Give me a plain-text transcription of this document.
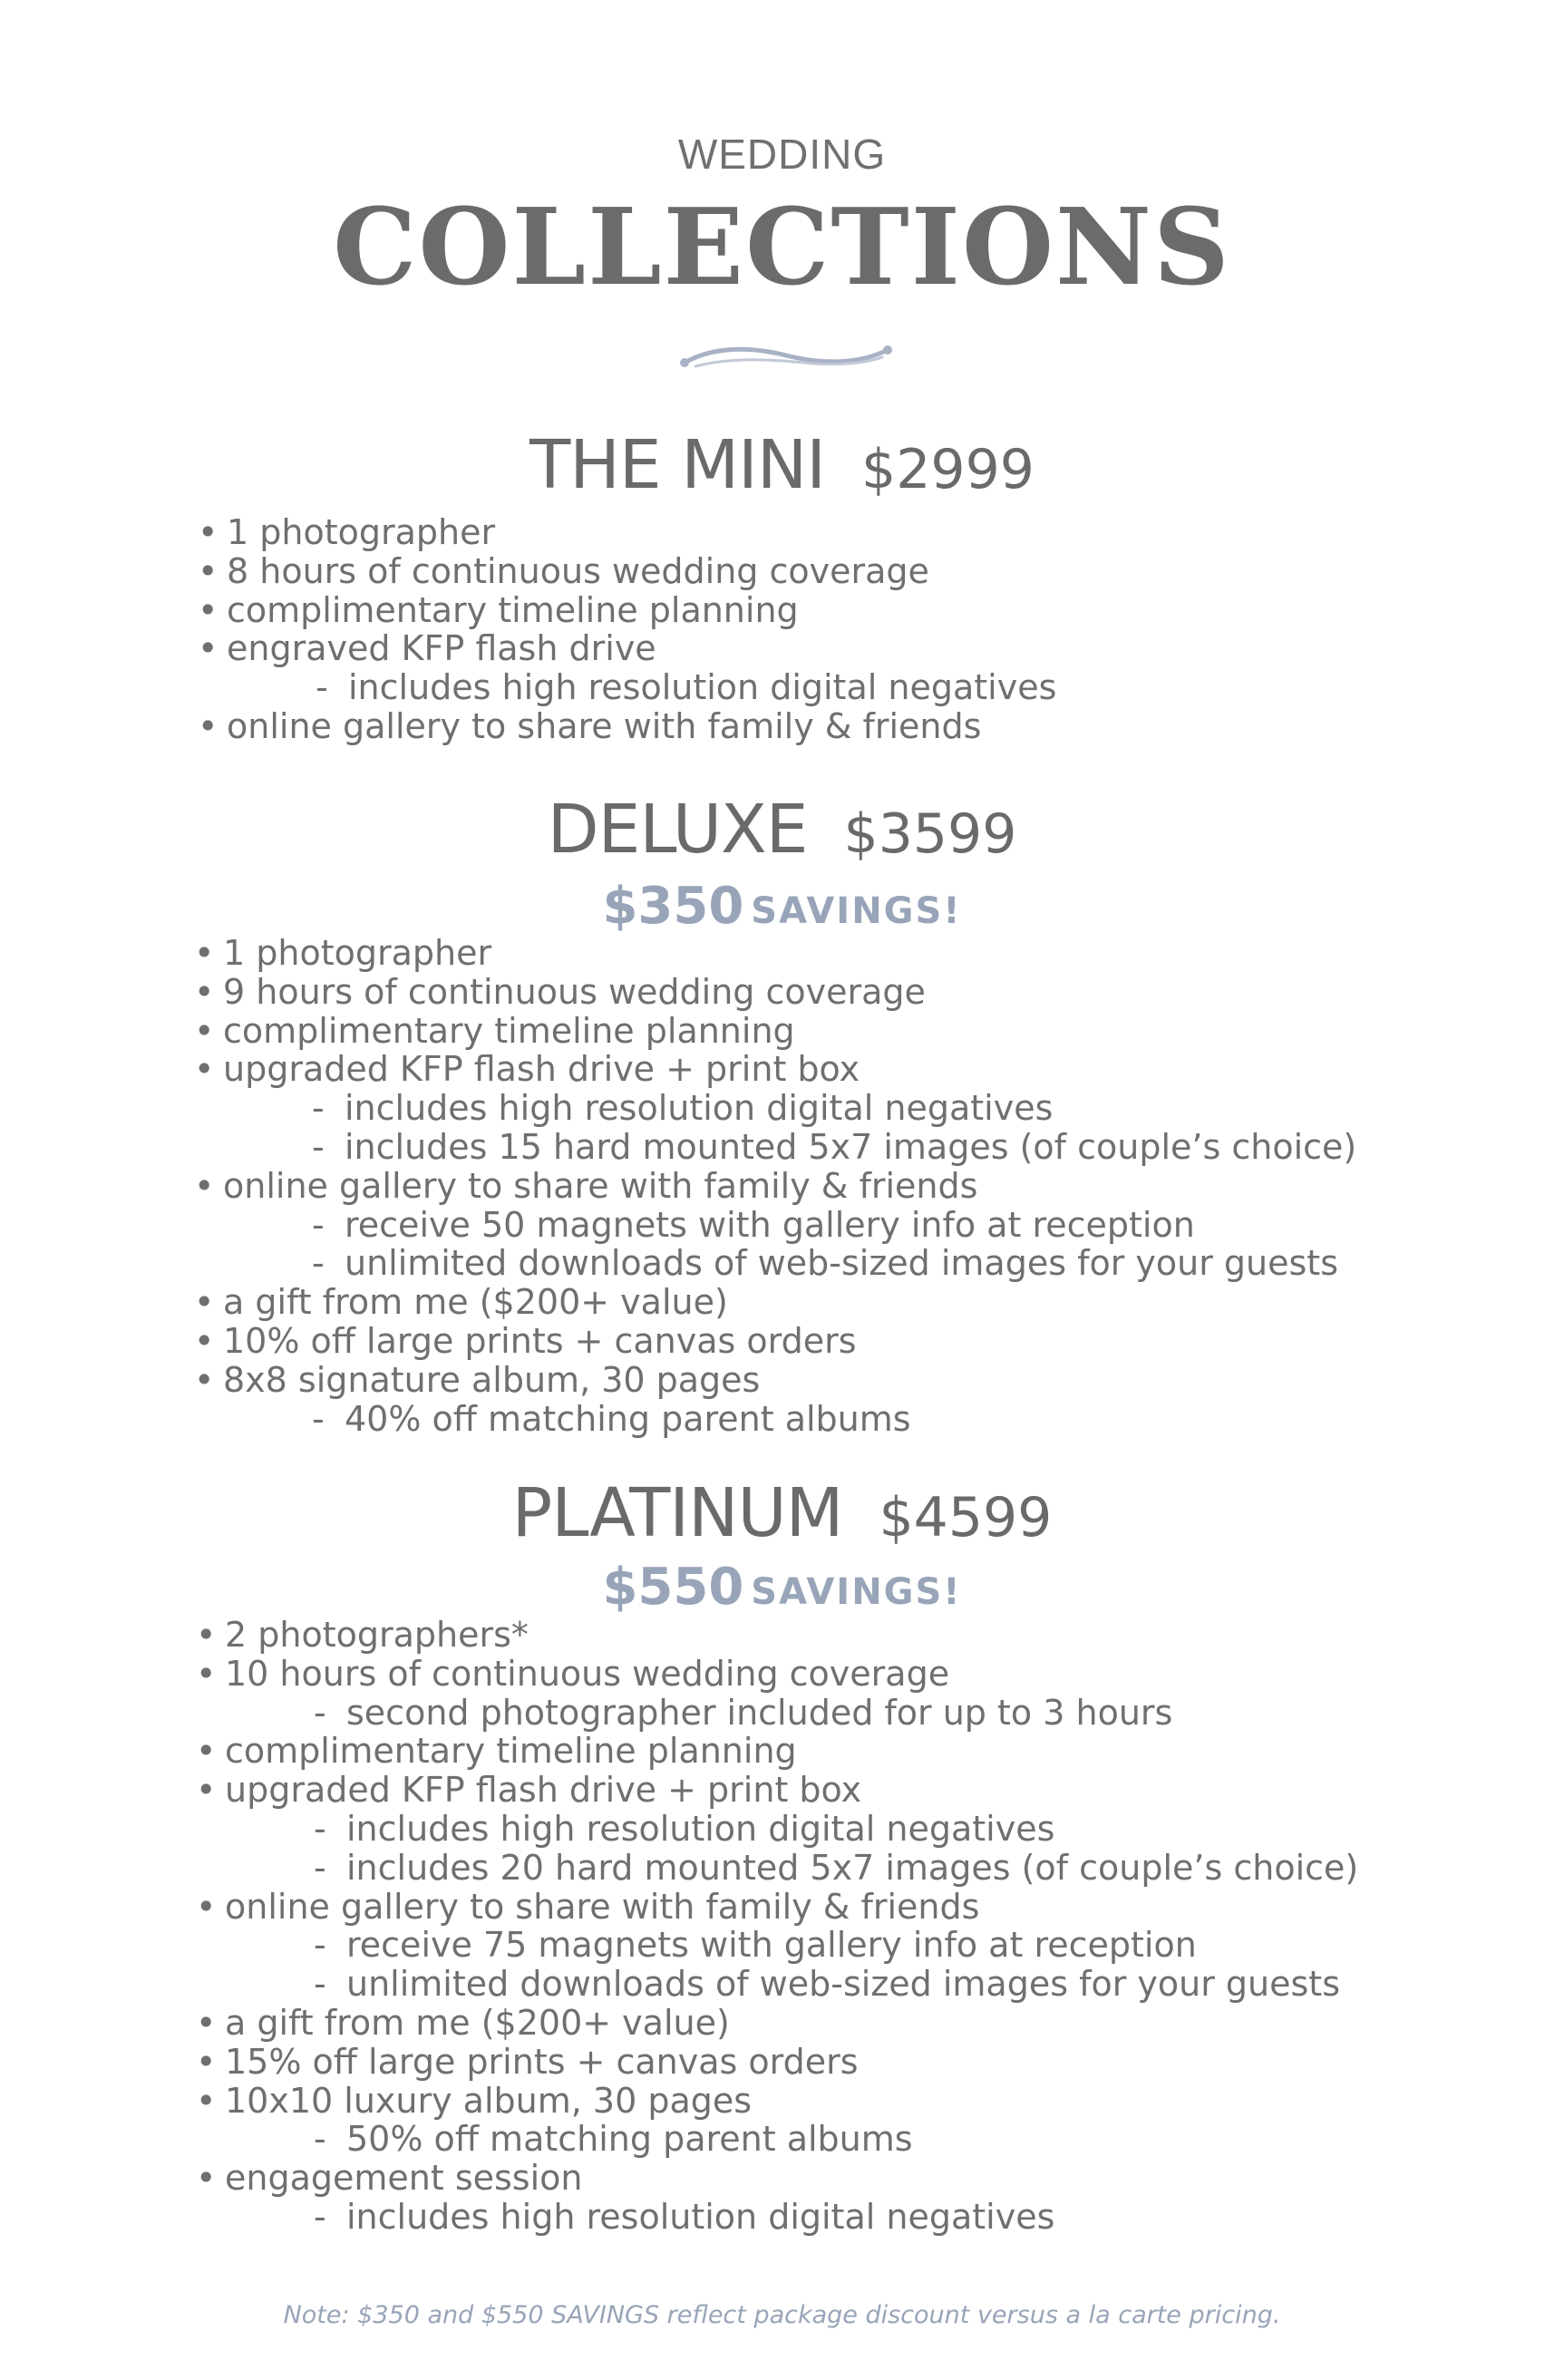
WEDDING
COLLECTIONS
THE MINI $2999
• 1 photographer
• 8 hours of continuous wedding coverage
• complimentary timeline planning
• engraved KFP flash drive
- includes high resolution digital negatives
• online gallery to share with family & friends
DELUXE $3599
$350 SAVINGS!
• 1 photographer
• 9 hours of continuous wedding coverage
• complimentary timeline planning
• upgraded KFP flash drive + print box
- includes high resolution digital negatives
- includes 15 hard mounted 5x7 images (of couple’s choice)
• online gallery to share with family & friends
- receive 50 magnets with gallery info at reception
- unlimited downloads of web-sized images for your guests
• a gift from me ($200+ value)
• 10% off large prints + canvas orders
• 8x8 signature album, 30 pages
- 40% off matching parent albums
PLATINUM $4599
$550 SAVINGS!
• 2 photographers*
• 10 hours of continuous wedding coverage
- second photographer included for up to 3 hours
• complimentary timeline planning
• upgraded KFP flash drive + print box
- includes high resolution digital negatives
- includes 20 hard mounted 5x7 images (of couple’s choice)
• online gallery to share with family & friends
- receive 75 magnets with gallery info at reception
- unlimited downloads of web-sized images for your guests
• a gift from me ($200+ value)
• 15% off large prints + canvas orders
• 10x10 luxury album, 30 pages
- 50% off matching parent albums
• engagement session
- includes high resolution digital negatives
Note: $350 and $550 SAVINGS reflect package discount versus a la carte pricing.
